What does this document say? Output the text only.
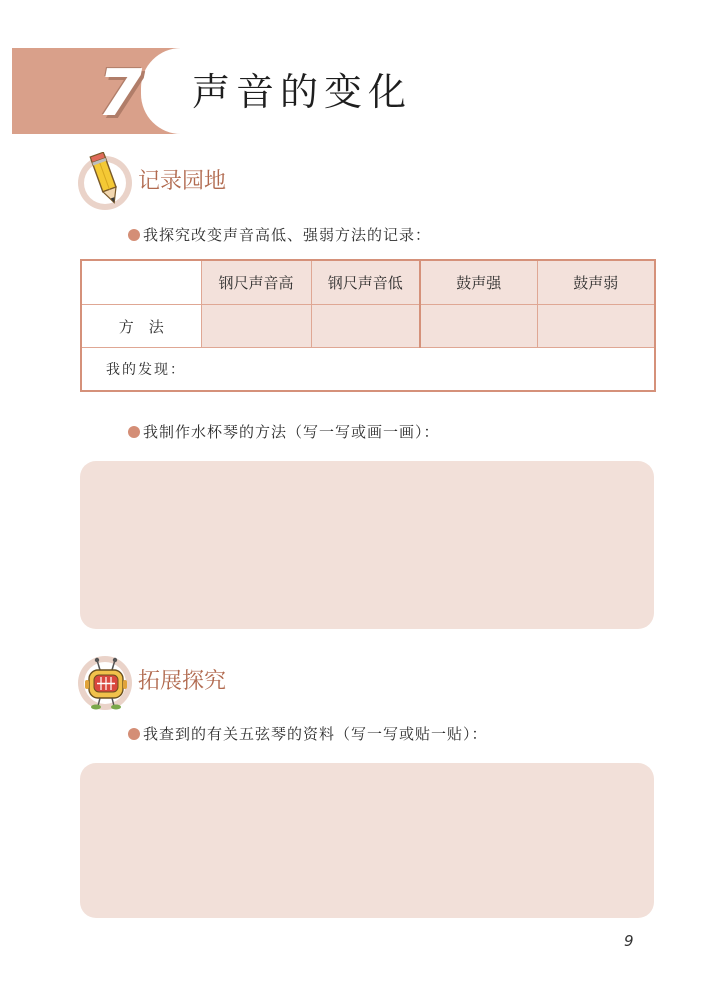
7 声音的变化
记录园地
我探究改变声音高低、强弱方法的记录：
	钢尺声音高	钢尺声音低	鼓声强	鼓声弱
方　法				
我的发现：				
我制作水杯琴的方法（写一写或画一画）：
拓展探究
我查到的有关五弦琴的资料（写一写或贴一贴）：
9
